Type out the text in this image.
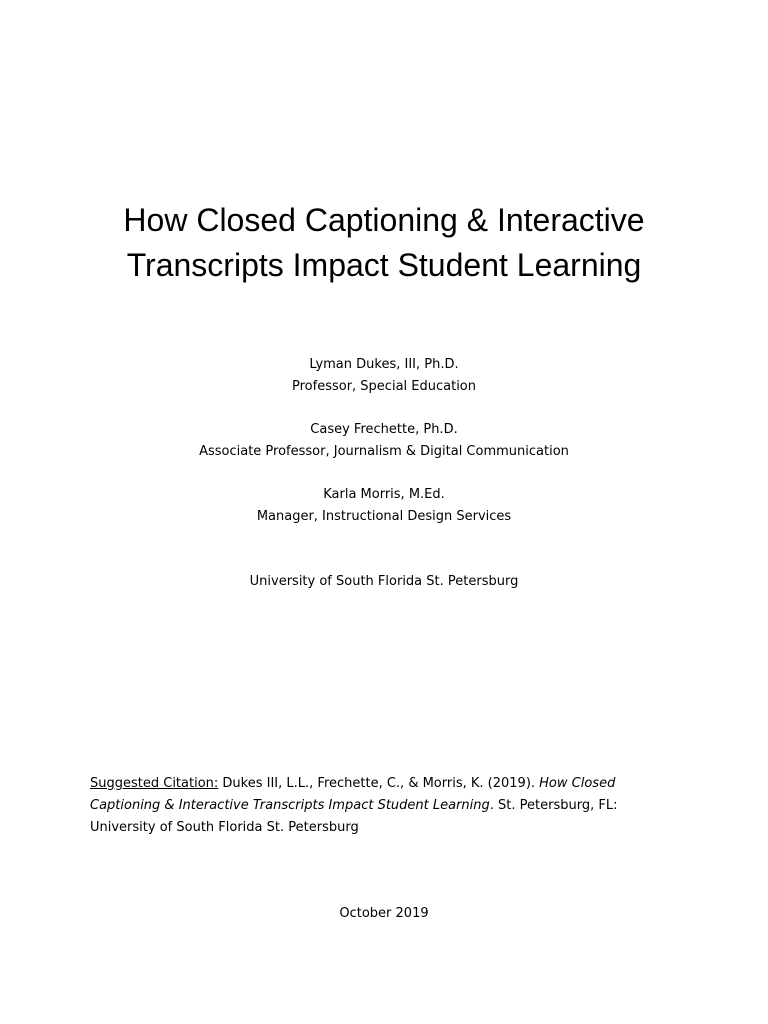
How Closed Captioning & Interactive
Transcripts Impact Student Learning
Lyman Dukes, III, Ph.D.
Professor, Special Education
Casey Frechette, Ph.D.
Associate Professor, Journalism & Digital Communication
Karla Morris, M.Ed.
Manager, Instructional Design Services
University of South Florida St. Petersburg

Suggested Citation: Dukes III, L.L., Frechette, C., & Morris, K. (2019). How Closed Captioning & Interactive Transcripts Impact Student Learning. St. Petersburg, FL: University of South Florida St. Petersburg

October 2019
